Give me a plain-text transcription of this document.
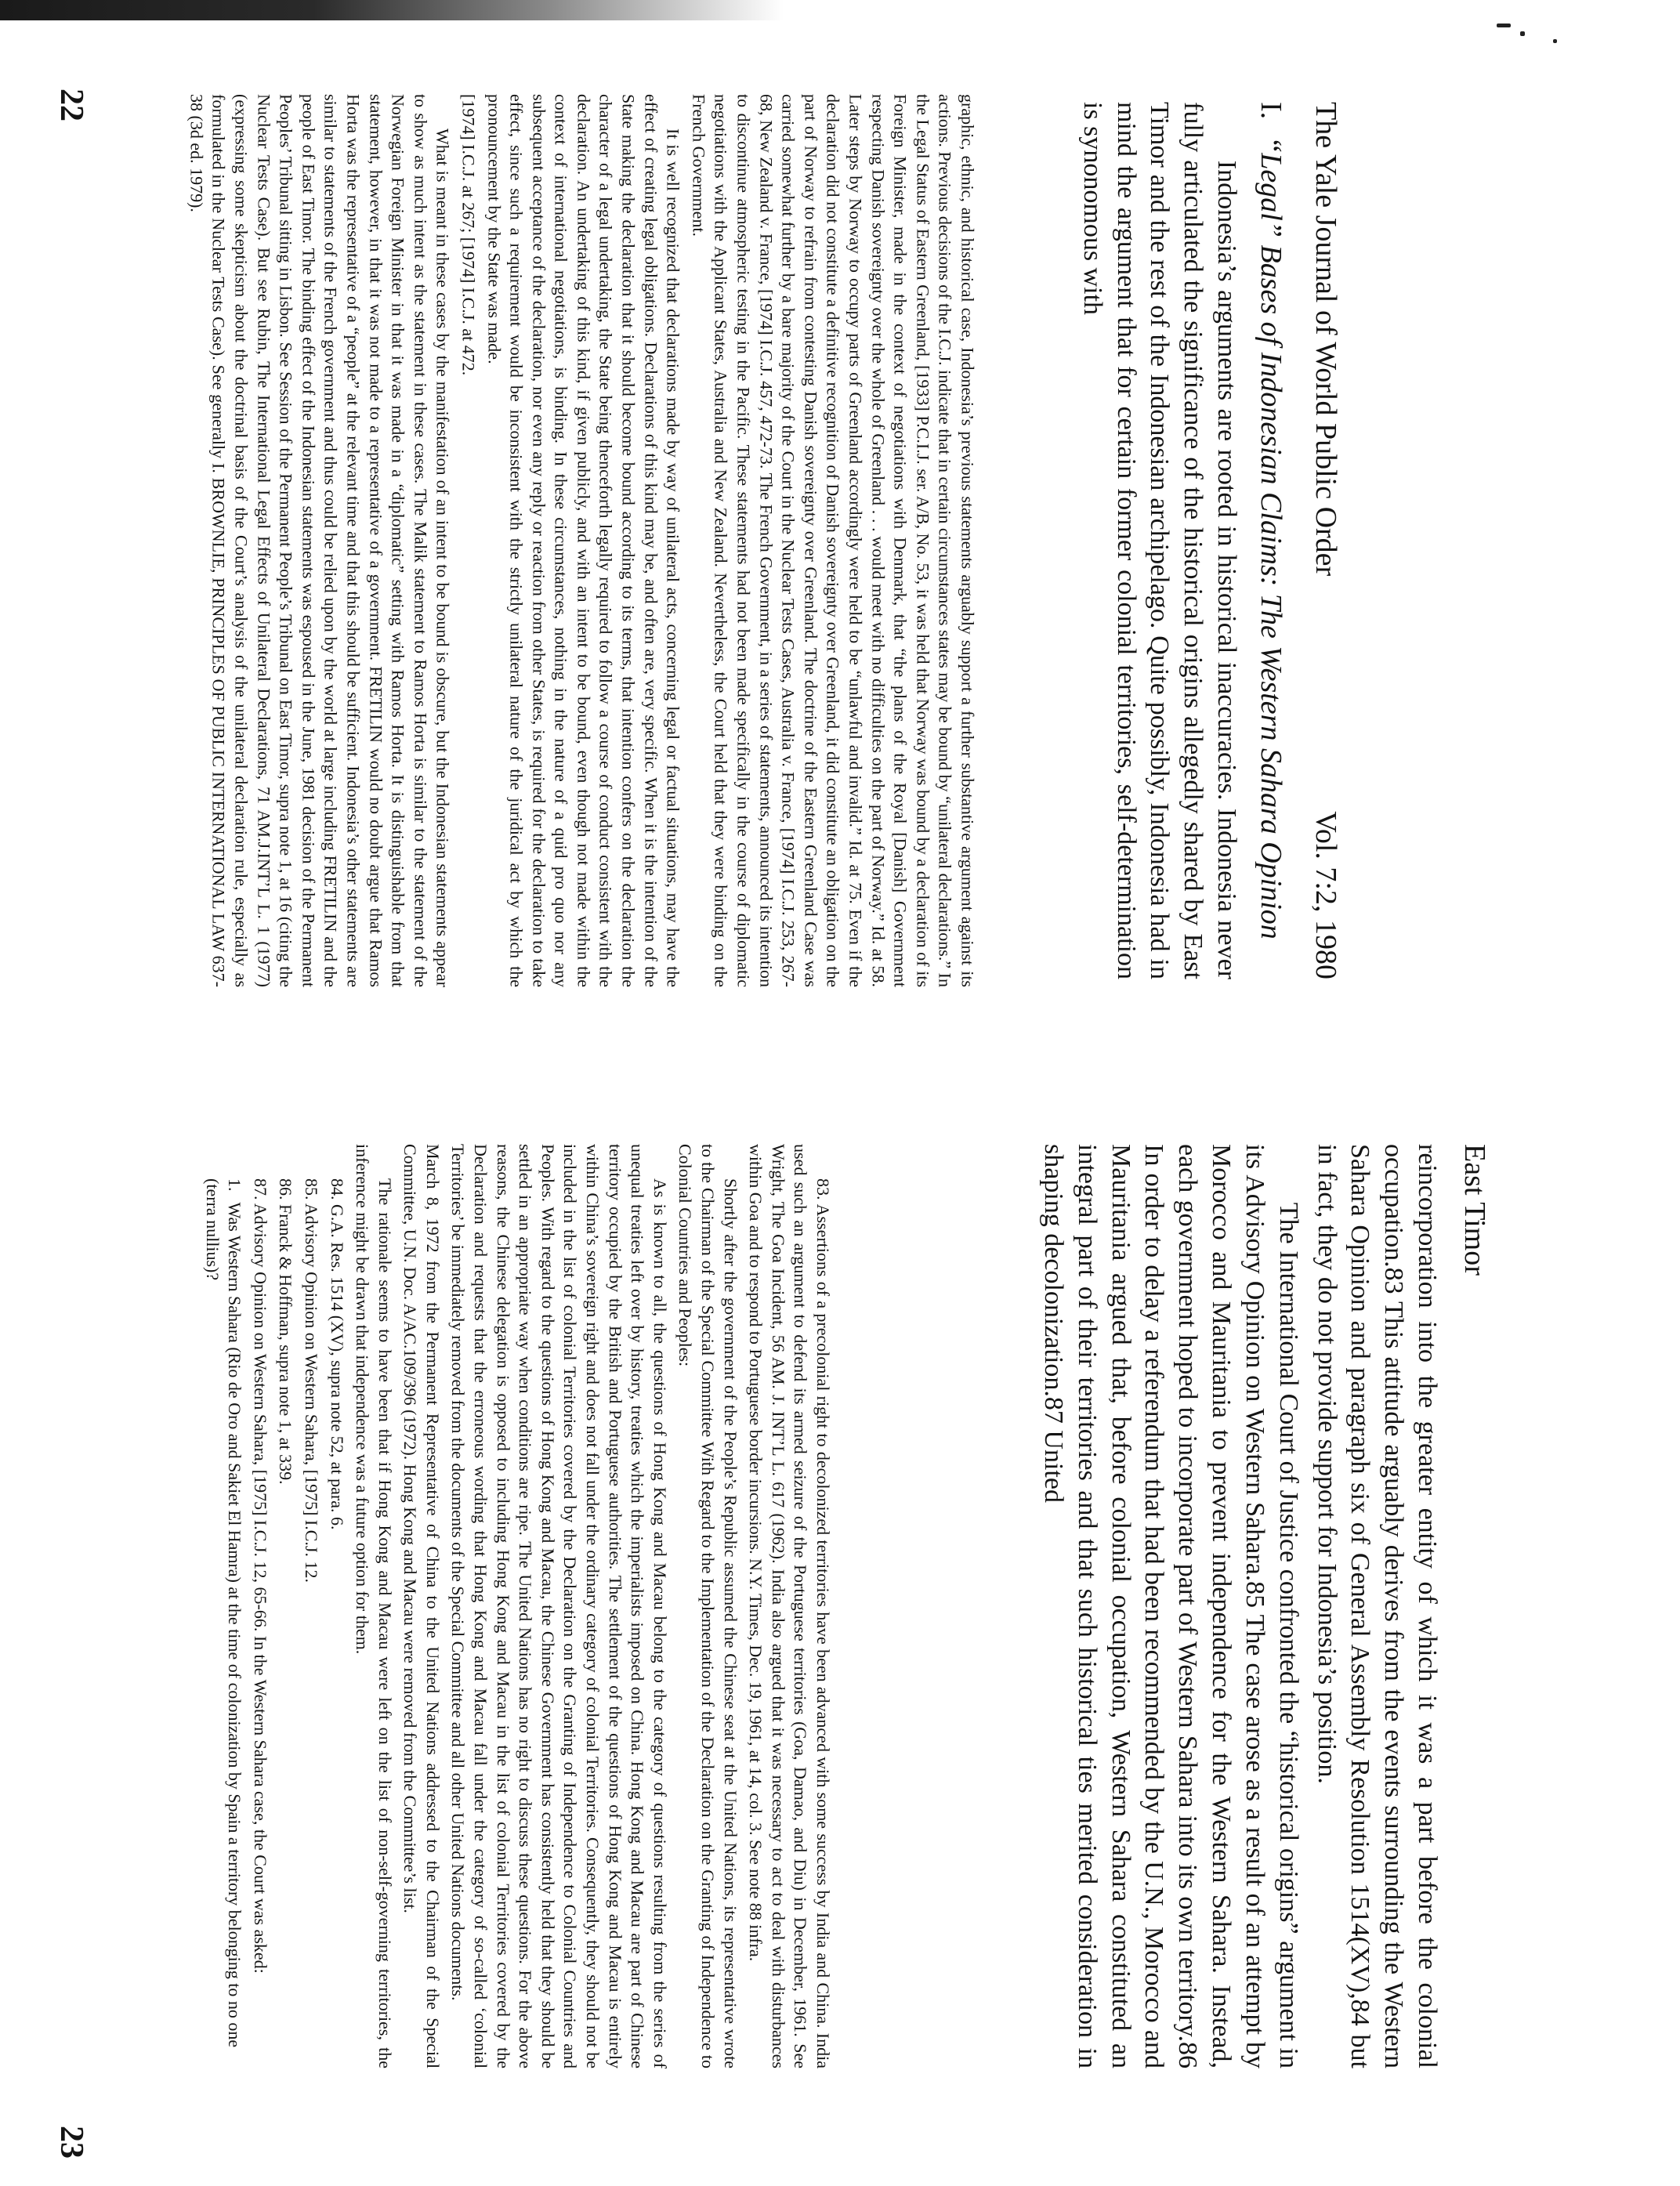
22	The Yale Journal of World Public Order
Vol. 7:2, 1980
I.“Legal” Bases of Indonesian Claims: The Western Sahara Opinion

Indonesia’s arguments are rooted in historical inaccuracies. Indonesia never fully articulated the significance of the historical origins allegedly shared by East Timor and the rest of the Indonesian archipelago. Quite possibly, Indonesia had in mind the argument that for certain former colonial territories, self-determination is synonomous with

graphic, ethnic, and historical case, Indonesia’s previous statements arguably support a further substantive argument against its actions. Previous decisions of the I.C.J. indicate that in certain circumstances states may be bound by “unilateral declarations.” In the Legal Status of Eastern Greenland, [1933] P.C.I.J. ser. A/B, No. 53, it was held that Norway was bound by a declaration of its Foreign Minister, made in the context of negotiations with Denmark, that “the plans of the Royal [Danish] Government respecting Danish sovereignty over the whole of Greenland . . . would meet with no difficulties on the part of Norway.” Id. at 58. Later steps by Norway to occupy parts of Greenland accordingly were held to be “unlawful and invalid.” Id. at 75. Even if the declaration did not constitute a definitive recognition of Danish sovereignty over Greenland, it did constitute an obligation on the part of Norway to refrain from contesting Danish sovereignty over Greenland. The doctrine of the Eastern Greenland Case was carried somewhat further by a bare majority of the Court in the Nuclear Tests Cases, Australia v. France, [1974] I.C.J. 253, 267-68, New Zealand v. France, [1974] I.C.J. 457, 472-73. The French Government, in a series of statements, announced its intention to discontinue atmospheric testing in the Pacific. These statements had not been made specifically in the course of diplomatic negotiations with the Applicant States, Australia and New Zealand. Nevertheless, the Court held that they were binding on the French Government.

It is well recognized that declarations made by way of unilateral acts, concerning legal or factual situations, may have the effect of creating legal obligations. Declarations of this kind may be, and often are, very specific. When it is the intention of the State making the declaration that it should become bound according to its terms, that intention confers on the declaration the character of a legal undertaking, the State being thenceforth legally required to follow a course of conduct consistent with the declaration. An undertaking of this kind, if given publicly, and with an intent to be bound, even though not made within the context of international negotiations, is binding. In these circumstances, nothing in the nature of a quid pro quo nor any subsequent acceptance of the declaration, nor even any reply or reaction from other States, is required for the declaration to take effect, since such a requirement would be inconsistent with the strictly unilateral nature of the juridical act by which the pronouncement by the State was made.

[1974] I.C.J. at 267; [1974] I.C.J. at 472.

What is meant in these cases by the manifestation of an intent to be bound is obscure, but the Indonesian statements appear to show as much intent as the statement in these cases. The Malik statement to Ramos Horta is similar to the statement of the Norwegian Foreign Minister in that it was made in a “diplomatic” setting with Ramos Horta. It is distinguishable from that statement, however, in that it was not made to a representative of a government. FRETILIN would no doubt argue that Ramos Horta was the representative of a “people” at the relevant time and that this should be sufficient. Indonesia’s other statements are similar to statements of the French government and thus could be relied upon by the world at large including FRETILIN and the people of East Timor. The binding effect of the Indonesian statements was espoused in the June, 1981 decision of the Permanent Peoples’ Tribunal sitting in Lisbon. See Session of the Permanent People’s Tribunal on East Timor, supra note 1, at 16 (citing the Nuclear Tests Case). But see Rubin, The International Legal Effects of Unilateral Declarations, 71 AM.J.INT’L L. 1 (1977) (expressing some skepticism about the doctrinal basis of the Court’s analysis of the unilateral declaration rule, especially as formulated in the Nuclear Tests Case). See generally I. BROWNLIE, PRINCIPLES OF PUBLIC INTERNATIONAL LAW 637-38 (3d ed. 1979).

23
East Timor

reincorporation into the greater entity of which it was a part before the colonial occupation.83 This attitude arguably derives from the events surrounding the Western Sahara Opinion and paragraph six of General Assembly Resolution 1514(XV),84 but in fact, they do not provide support for Indonesia’s position.

The International Court of Justice confronted the “historical origins” argument in its Advisory Opinion on Western Sahara.85 The case arose as a result of an attempt by Morocco and Mauritania to prevent independence for the Western Sahara. Instead, each government hoped to incorporate part of Western Sahara into its own territory.86 In order to delay a referendum that had been recommended by the U.N., Morocco and Mauritania argued that, before colonial occupation, Western Sahara constituted an integral part of their territories and that such historical ties merited consideration in shaping decolonization.87 United

83. Assertions of a precolonial right to decolonized territories have been advanced with some success by India and China. India used such an argument to defend its armed seizure of the Portuguese territories (Goa, Damao, and Diu) in December, 1961. See Wright, The Goa Incident, 56 AM. J. INT’L L. 617 (1962). India also argued that it was necessary to act to deal with disturbances within Goa and to respond to Portuguese border incursions. N.Y. Times, Dec. 19, 1961, at 14, col. 3. See note 88 infra.

Shortly after the government of the People’s Republic assumed the Chinese seat at the United Nations, its representative wrote to the Chairman of the Special Committee With Regard to the Implementation of the Declaration on the Granting of Independence to Colonial Countries and Peoples:

As is known to all, the questions of Hong Kong and Macau belong to the category of questions resulting from the series of unequal treaties left over by history, treaties which the imperialists imposed on China. Hong Kong and Macau are part of Chinese territory occupied by the British and Portuguese authorities. The settlement of the questions of Hong Kong and Macau is entirely within China’s sovereign right and does not fall under the ordinary category of colonial Territories. Consequently, they should not be included in the list of colonial Territories covered by the Declaration on the Granting of Independence to Colonial Countries and Peoples. With regard to the questions of Hong Kong and Macau, the Chinese Government has consistently held that they should be settled in an appropriate way when conditions are ripe. The United Nations has no right to discuss these questions. For the above reasons, the Chinese delegation is opposed to including Hong Kong and Macau in the list of colonial Territories covered by the Declaration and requests that the erroneous wording that Hong Kong and Macau fall under the category of so-called ‘colonial Territories’ be immediately removed from the documents of the Special Committee and all other United Nations documents.

March 8, 1972 from the Permanent Representative of China to the United Nations addressed to the Chairman of the Special Committee, U.N. Doc. A/AC.109/396 (1972). Hong Kong and Macau were removed from the Committee’s list.

The rationale seems to have been that if Hong Kong and Macau were left on the list of non-self-governing territories, the inference might be drawn that independence was a future option for them.

84. G.A. Res. 1514 (XV), supra note 52, at para. 6.

85. Advisory Opinion on Western Sahara, [1975] I.C.J. 12.

86. Franck & Hoffman, supra note 1, at 339.

87. Advisory Opinion on Western Sahara, [1975] I.C.J. 12, 65-66. In the Western Sahara case, the Court was asked:

1.Was Western Sahara (Rio de Oro and Sakiet El Hamra) at the time of colonization by Spain a territory belonging to no one (terra nullius)?
